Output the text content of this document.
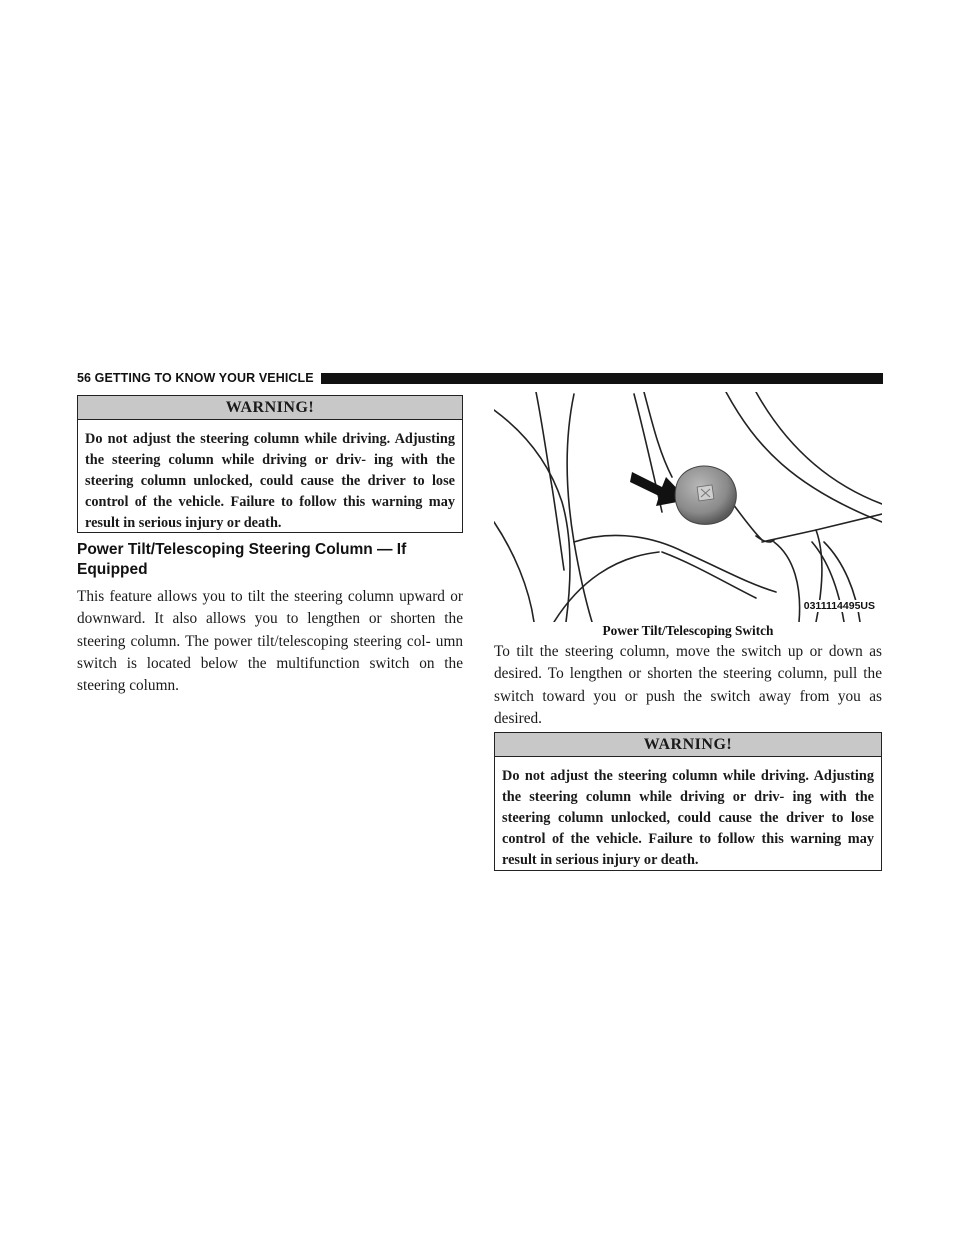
56 GETTING TO KNOW YOUR VEHICLE
WARNING!
Do not adjust the steering column while driving. Adjusting the steering column while driving or driv- ing with the steering column unlocked, could cause the driver to lose control of the vehicle. Failure to follow this warning may result in serious injury or death.
Power Tilt/Telescoping Steering Column — If Equipped
This feature allows you to tilt the steering column upward or downward. It also allows you to lengthen or shorten the steering column. The power tilt/telescoping steering col- umn switch is located below the multifunction switch on the steering column.
0311114495US
Power Tilt/Telescoping Switch
To tilt the steering column, move the switch up or down as desired. To lengthen or shorten the steering column, pull the switch toward you or push the switch away from you as desired.
WARNING!
Do not adjust the steering column while driving. Adjusting the steering column while driving or driv- ing with the steering column unlocked, could cause the driver to lose control of the vehicle. Failure to follow this warning may result in serious injury or death.
